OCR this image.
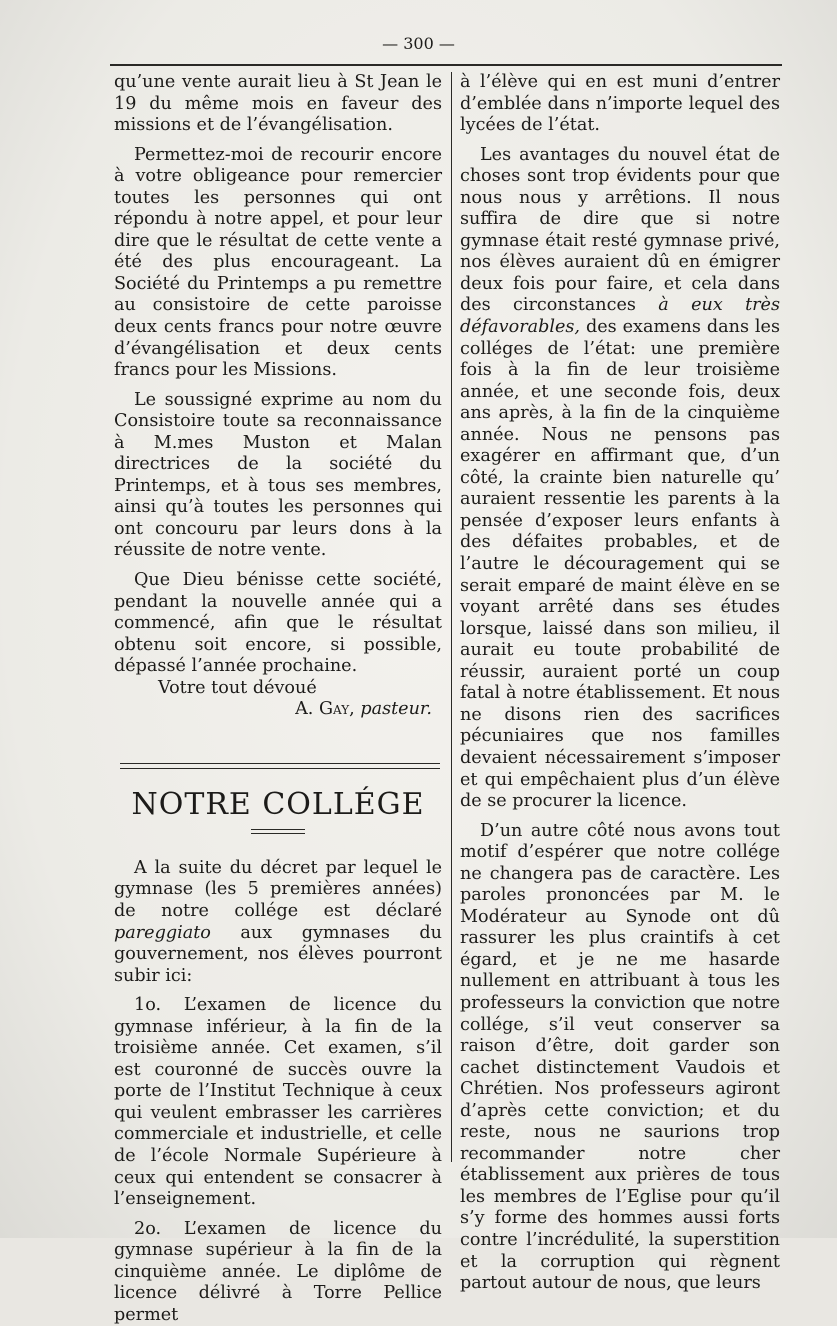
— 300 —

qu’une vente aurait lieu à St Jean le 19 du même mois en faveur des missions et de l’évangélisation.

Permettez-moi de recourir encore à votre obligeance pour remercier toutes les personnes qui ont répondu à notre appel, et pour leur dire que le résultat de cette vente a été des plus encourageant. La Société du Printemps a pu remettre au consistoire de cette paroisse deux cents francs pour notre œuvre d’évangélisation et deux cents francs pour les Missions.

Le soussigné exprime au nom du Consistoire toute sa reconnaissance à M.mes Muston et Malan directrices de la société du Printemps, et à tous ses membres, ainsi qu’à toutes les personnes qui ont concouru par leurs dons à la réussite de notre vente.

Que Dieu bénisse cette société, pendant la nouvelle année qui a commencé, afin que le résultat obtenu soit encore, si possible, dépassé l’année prochaine.

Votre tout dévoué

A. Gay, pasteur.

NOTRE COLLÉGE

A la suite du décret par lequel le gymnase (les 5 premières années) de notre collége est déclaré pareggiato aux gymnases du gouvernement, nos élèves pourront subir ici:

1o. L’examen de licence du gymnase inférieur, à la fin de la troisième année. Cet examen, s’il est couronné de succès ouvre la porte de l’Institut Technique à ceux qui veulent embrasser les carrières commerciale et industrielle, et celle de l’école Normale Supérieure à ceux qui entendent se consacrer à l’enseignement.

2o. L’examen de licence du gymnase supérieur à la fin de la cinquième année. Le diplôme de licence délivré à Torre Pellice permet

à l’élève qui en est muni d’entrer d’emblée dans n’importe lequel des lycées de l’état.

Les avantages du nouvel état de choses sont trop évidents pour que nous nous y arrêtions. Il nous suffira de dire que si notre gymnase était resté gymnase privé, nos élèves auraient dû en émigrer deux fois pour faire, et cela dans des circonstances à eux très défavorables, des examens dans les colléges de l’état: une première fois à la fin de leur troisième année, et une seconde fois, deux ans après, à la fin de la cinquième année. Nous ne pensons pas exagérer en affirmant que, d’un côté, la crainte bien naturelle qu’ auraient ressentie les parents à la pensée d’exposer leurs enfants à des défaites probables, et de l’autre le découragement qui se serait emparé de maint élève en se voyant arrêté dans ses études lorsque, laissé dans son milieu, il aurait eu toute probabilité de réussir, auraient porté un coup fatal à notre établissement. Et nous ne disons rien des sacrifices pécuniaires que nos familles devaient nécessairement s’imposer et qui empêchaient plus d’un élève de se procurer la licence.

D’un autre côté nous avons tout motif d’espérer que notre collége ne changera pas de caractère. Les paroles prononcées par M. le Modérateur au Synode ont dû rassurer les plus craintifs à cet égard, et je ne me hasarde nullement en attribuant à tous les professeurs la conviction que notre collége, s’il veut conserver sa raison d’être, doit garder son cachet distinctement Vaudois et Chrétien. Nos professeurs agiront d’après cette conviction; et du reste, nous ne saurions trop recommander notre cher établissement aux prières de tous les membres de l’Eglise pour qu’il s’y forme des hommes aussi forts contre l’incrédulité, la superstition et la corruption qui règnent partout autour de nous, que leurs
